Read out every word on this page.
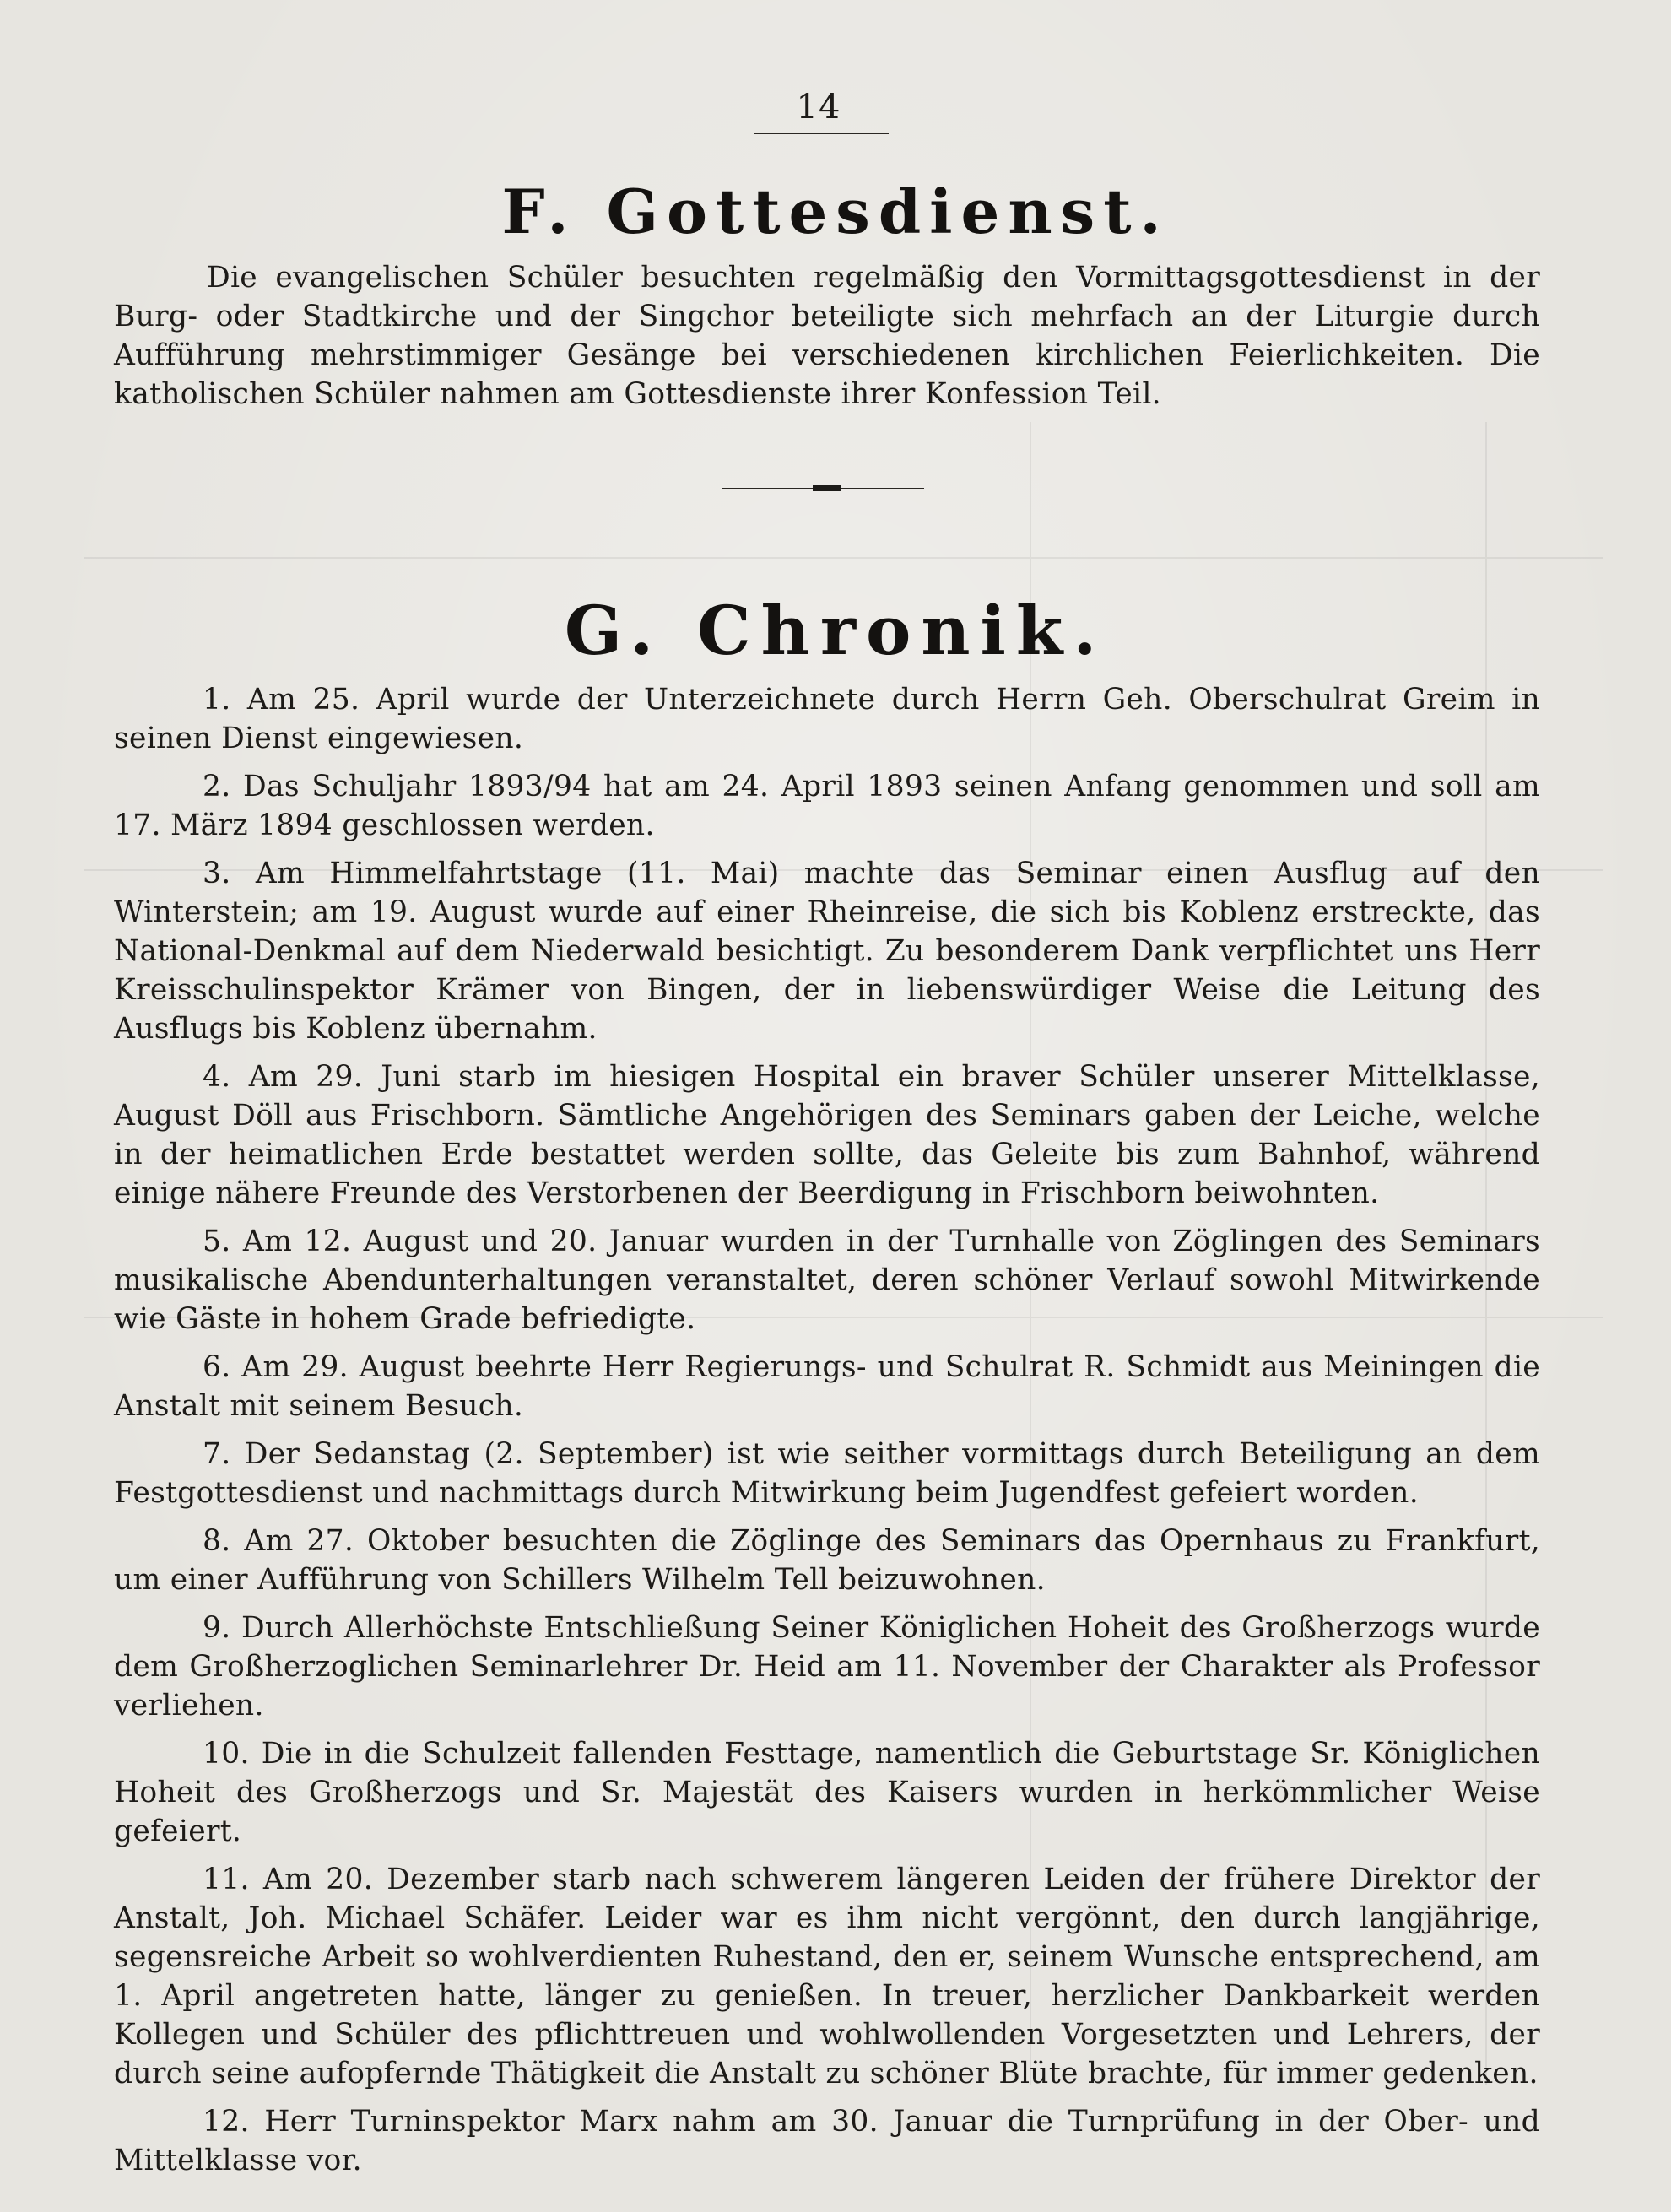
14
F. Gottesdienst.

Die evangelischen Schüler besuchten regelmäßig den Vormittagsgottesdienst in der Burg- oder Stadtkirche und der Singchor beteiligte sich mehrfach an der Liturgie durch Aufführung mehrstimmiger Gesänge bei verschiedenen kirchlichen Feierlichkeiten. Die katholischen Schüler nahmen am Gottesdienste ihrer Konfession Teil.

G. Chronik.
1. Am 25. April wurde der Unterzeichnete durch Herrn Geh. Oberschulrat Greim in seinen Dienst eingewiesen.
2. Das Schuljahr 1893/94 hat am 24. April 1893 seinen Anfang genommen und soll am 17. März 1894 geschlossen werden.
3. Am Himmelfahrtstage (11. Mai) machte das Seminar einen Ausflug auf den Winterstein; am 19. August wurde auf einer Rheinreise, die sich bis Koblenz erstreckte, das National-Denkmal auf dem Niederwald besichtigt. Zu besonderem Dank verpflichtet uns Herr Kreisschulinspektor Krämer von Bingen, der in liebenswürdiger Weise die Leitung des Ausflugs bis Koblenz übernahm.
4. Am 29. Juni starb im hiesigen Hospital ein braver Schüler unserer Mittelklasse, August Döll aus Frischborn. Sämtliche Angehörigen des Seminars gaben der Leiche, welche in der heimatlichen Erde bestattet werden sollte, das Geleite bis zum Bahnhof, während einige nähere Freunde des Verstorbenen der Beerdigung in Frischborn beiwohnten.
5. Am 12. August und 20. Januar wurden in der Turnhalle von Zöglingen des Seminars musikalische Abendunterhaltungen veranstaltet, deren schöner Verlauf sowohl Mitwirkende wie Gäste in hohem Grade befriedigte.
6. Am 29. August beehrte Herr Regierungs- und Schulrat R. Schmidt aus Meiningen die Anstalt mit seinem Besuch.
7. Der Sedanstag (2. September) ist wie seither vormittags durch Beteiligung an dem Festgottesdienst und nachmittags durch Mitwirkung beim Jugendfest gefeiert worden.
8. Am 27. Oktober besuchten die Zöglinge des Seminars das Opernhaus zu Frankfurt, um einer Aufführung von Schillers Wilhelm Tell beizuwohnen.
9. Durch Allerhöchste Entschließung Seiner Königlichen Hoheit des Großherzogs wurde dem Großherzoglichen Seminarlehrer Dr. Heid am 11. November der Charakter als Professor verliehen.
10. Die in die Schulzeit fallenden Festtage, namentlich die Geburtstage Sr. Königlichen Hoheit des Großherzogs und Sr. Majestät des Kaisers wurden in herkömmlicher Weise gefeiert.
11. Am 20. Dezember starb nach schwerem längeren Leiden der frühere Direktor der Anstalt, Joh. Michael Schäfer. Leider war es ihm nicht vergönnt, den durch langjährige, segensreiche Arbeit so wohlverdienten Ruhestand, den er, seinem Wunsche entsprechend, am 1. April angetreten hatte, länger zu genießen. In treuer, herzlicher Dankbarkeit werden Kollegen und Schüler des pflichttreuen und wohlwollenden Vorgesetzten und Lehrers, der durch seine aufopfernde Thätigkeit die Anstalt zu schöner Blüte brachte, für immer gedenken.
12. Herr Turninspektor Marx nahm am 30. Januar die Turnprüfung in der Ober- und Mittelklasse vor.
